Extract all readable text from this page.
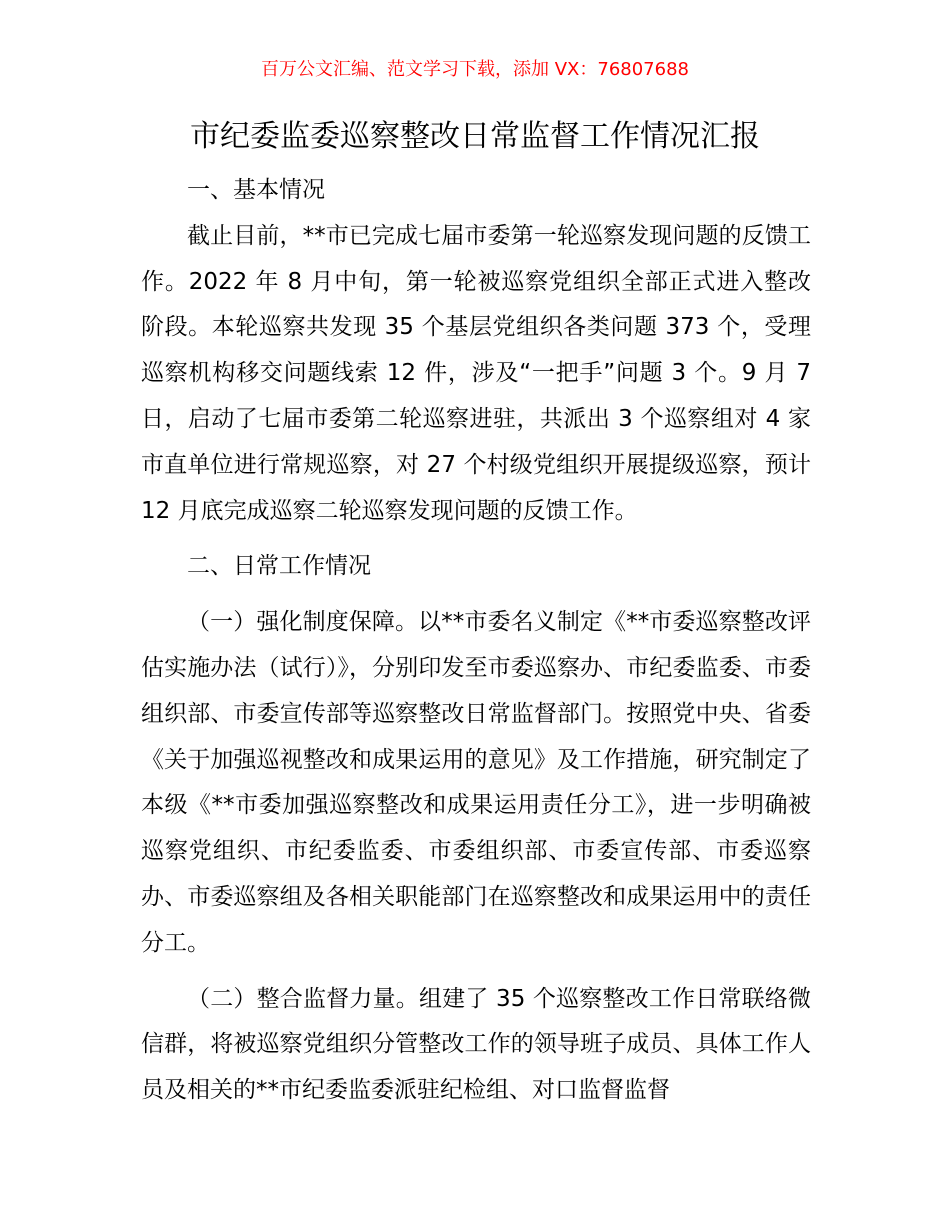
百万公文汇编、范文学习下载，添加 VX：76807688
市纪委监委巡察整改日常监督工作情况汇报

一、基本情况

截止目前，**市已完成七届市委第一轮巡察发现问题的反馈工作。2022 年 8 月中旬，第一轮被巡察党组织全部正式进入整改阶段。本轮巡察共发现 35 个基层党组织各类问题 373 个，受理巡察机构移交问题线索 12 件，涉及“一把手”问题 3 个。9 月 7 日，启动了七届市委第二轮巡察进驻，共派出 3 个巡察组对 4 家市直单位进行常规巡察，对 27 个村级党组织开展提级巡察，预计 12 月底完成巡察二轮巡察发现问题的反馈工作。

二、日常工作情况

（一）强化制度保障。以**市委名义制定《**市委巡察整改评估实施办法（试行）》，分别印发至市委巡察办、市纪委监委、市委组织部、市委宣传部等巡察整改日常监督部门。按照党中央、省委《关于加强巡视整改和成果运用的意见》及工作措施，研究制定了本级《**市委加强巡察整改和成果运用责任分工》，进一步明确被巡察党组织、市纪委监委、市委组织部、市委宣传部、市委巡察办、市委巡察组及各相关职能部门在巡察整改和成果运用中的责任分工。

（二）整合监督力量。组建了 35 个巡察整改工作日常联络微信群，将被巡察党组织分管整改工作的领导班子成员、具体工作人员及相关的**市纪委监委派驻纪检组、对口监督监督
